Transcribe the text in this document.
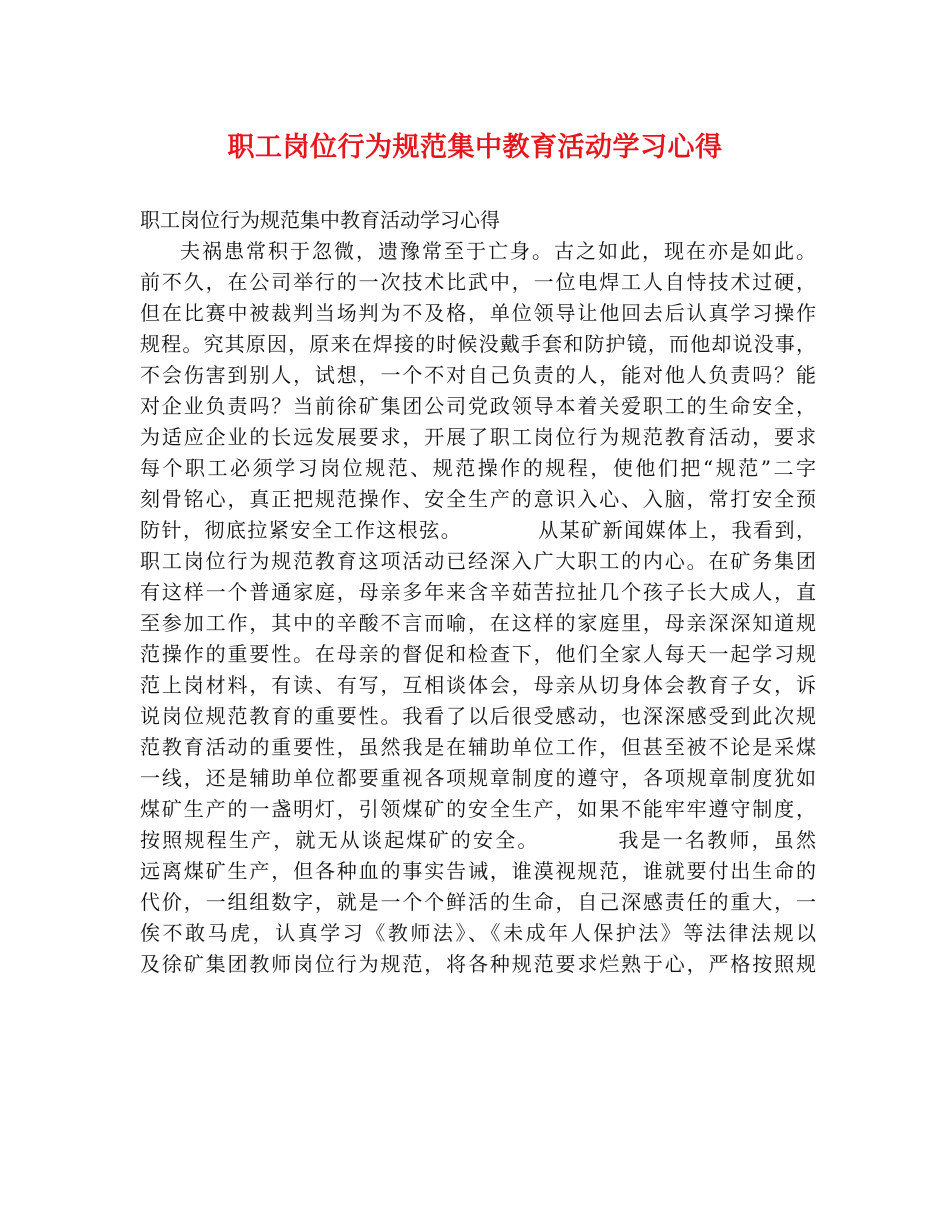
职工岗位行为规范集中教育活动学习心得
职工岗位行为规范集中教育活动学习心得
夫祸患常积于忽微，遗豫常至于亡身。古之如此，现在亦是如此。
前不久，在公司举行的一次技术比武中，一位电焊工人自恃技术过硬，
但在比赛中被裁判当场判为不及格，单位领导让他回去后认真学习操作
规程。究其原因，原来在焊接的时候没戴手套和防护镜，而他却说没事，
不会伤害到别人，试想，一个不对自己负责的人，能对他人负责吗？能
对企业负责吗？当前徐矿集团公司党政领导本着关爱职工的生命安全，
为适应企业的长远发展要求，开展了职工岗位行为规范教育活动，要求
每个职工必须学习岗位规范、规范操作的规程，使他们把“规范”二字
刻骨铭心，真正把规范操作、安全生产的意识入心、入脑，常打安全预
防针，彻底拉紧安全工作这根弦。　　　　从某矿新闻媒体上，我看到，
职工岗位行为规范教育这项活动已经深入广大职工的内心。在矿务集团
有这样一个普通家庭，母亲多年来含辛茹苦拉扯几个孩子长大成人，直
至参加工作，其中的辛酸不言而喻，在这样的家庭里，母亲深深知道规
范操作的重要性。在母亲的督促和检查下，他们全家人每天一起学习规
范上岗材料，有读、有写，互相谈体会，母亲从切身体会教育子女，诉
说岗位规范教育的重要性。我看了以后很受感动，也深深感受到此次规
范教育活动的重要性，虽然我是在辅助单位工作，但甚至被不论是采煤
一线，还是辅助单位都要重视各项规章制度的遵守，各项规章制度犹如
煤矿生产的一盏明灯，引领煤矿的安全生产，如果不能牢牢遵守制度，
按照规程生产，就无从谈起煤矿的安全。　　　　我是一名教师，虽然
远离煤矿生产，但各种血的事实告诫，谁漠视规范，谁就要付出生命的
代价，一组组数字，就是一个个鲜活的生命，自己深感责任的重大，一
俟不敢马虎，认真学习《教师法》、《未成年人保护法》等法律法规以
及徐矿集团教师岗位行为规范，将各种规范要求烂熟于心，严格按照规
